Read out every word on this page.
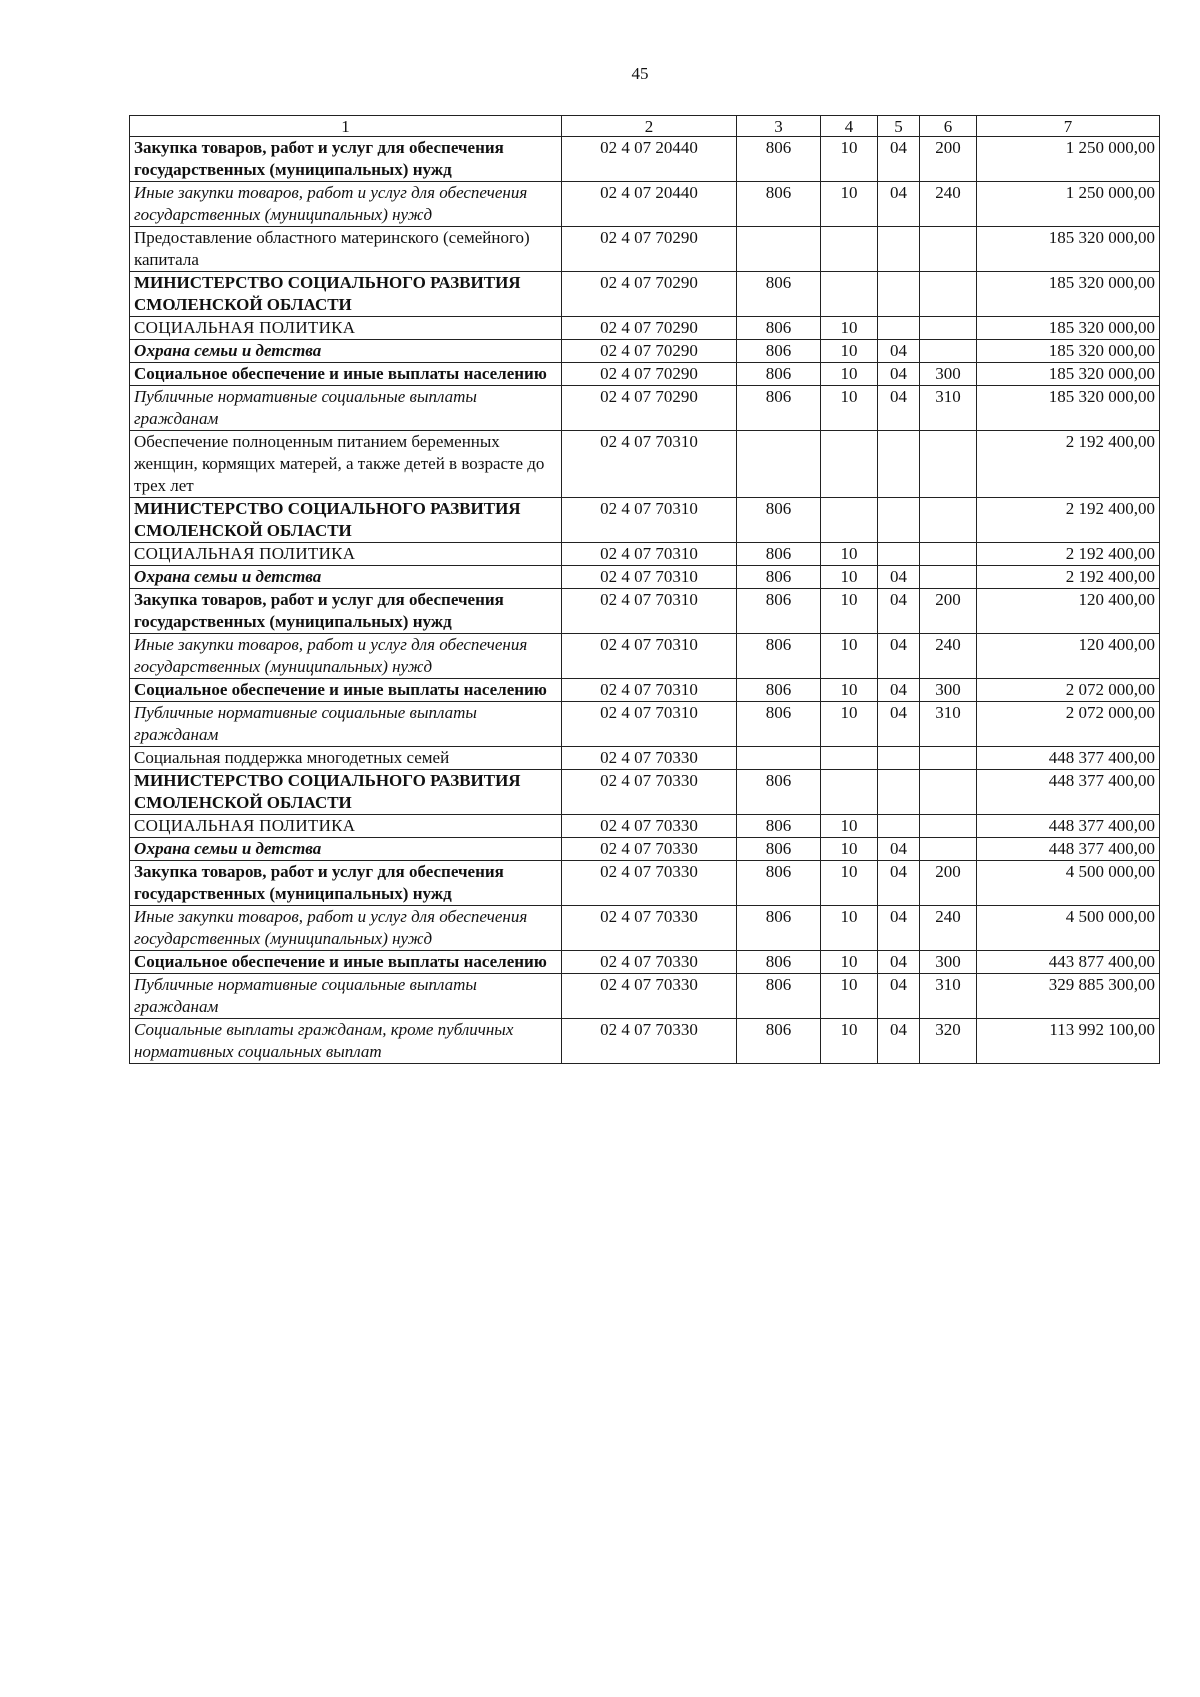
45
1	2	3	4	5	6	7
Закупка товаров, работ и услуг для обеспечения государственных (муниципальных) нужд	02 4 07 20440	806	10	04	200	1 250 000,00
Иные закупки товаров, работ и услуг для обеспечения государственных (муниципальных) нужд	02 4 07 20440	806	10	04	240	1 250 000,00
Предоставление областного материнского (семейного) капитала	02 4 07 70290					185 320 000,00
МИНИСТЕРСТВО СОЦИАЛЬНОГО РАЗВИТИЯ СМОЛЕНСКОЙ ОБЛАСТИ	02 4 07 70290	806				185 320 000,00
СОЦИАЛЬНАЯ ПОЛИТИКА	02 4 07 70290	806	10			185 320 000,00
Охрана семьи и детства	02 4 07 70290	806	10	04		185 320 000,00
Социальное обеспечение и иные выплаты населению	02 4 07 70290	806	10	04	300	185 320 000,00
Публичные нормативные социальные выплаты гражданам	02 4 07 70290	806	10	04	310	185 320 000,00
Обеспечение полноценным питанием беременных женщин, кормящих матерей, а также детей в возрасте до трех лет	02 4 07 70310					2 192 400,00
МИНИСТЕРСТВО СОЦИАЛЬНОГО РАЗВИТИЯ СМОЛЕНСКОЙ ОБЛАСТИ	02 4 07 70310	806				2 192 400,00
СОЦИАЛЬНАЯ ПОЛИТИКА	02 4 07 70310	806	10			2 192 400,00
Охрана семьи и детства	02 4 07 70310	806	10	04		2 192 400,00
Закупка товаров, работ и услуг для обеспечения государственных (муниципальных) нужд	02 4 07 70310	806	10	04	200	120 400,00
Иные закупки товаров, работ и услуг для обеспечения государственных (муниципальных) нужд	02 4 07 70310	806	10	04	240	120 400,00
Социальное обеспечение и иные выплаты населению	02 4 07 70310	806	10	04	300	2 072 000,00
Публичные нормативные социальные выплаты гражданам	02 4 07 70310	806	10	04	310	2 072 000,00
Социальная поддержка многодетных семей	02 4 07 70330					448 377 400,00
МИНИСТЕРСТВО СОЦИАЛЬНОГО РАЗВИТИЯ СМОЛЕНСКОЙ ОБЛАСТИ	02 4 07 70330	806				448 377 400,00
СОЦИАЛЬНАЯ ПОЛИТИКА	02 4 07 70330	806	10			448 377 400,00
Охрана семьи и детства	02 4 07 70330	806	10	04		448 377 400,00
Закупка товаров, работ и услуг для обеспечения государственных (муниципальных) нужд	02 4 07 70330	806	10	04	200	4 500 000,00
Иные закупки товаров, работ и услуг для обеспечения государственных (муниципальных) нужд	02 4 07 70330	806	10	04	240	4 500 000,00
Социальное обеспечение и иные выплаты населению	02 4 07 70330	806	10	04	300	443 877 400,00
Публичные нормативные социальные выплаты гражданам	02 4 07 70330	806	10	04	310	329 885 300,00
Социальные выплаты гражданам, кроме публичных нормативных социальных выплат	02 4 07 70330	806	10	04	320	113 992 100,00
